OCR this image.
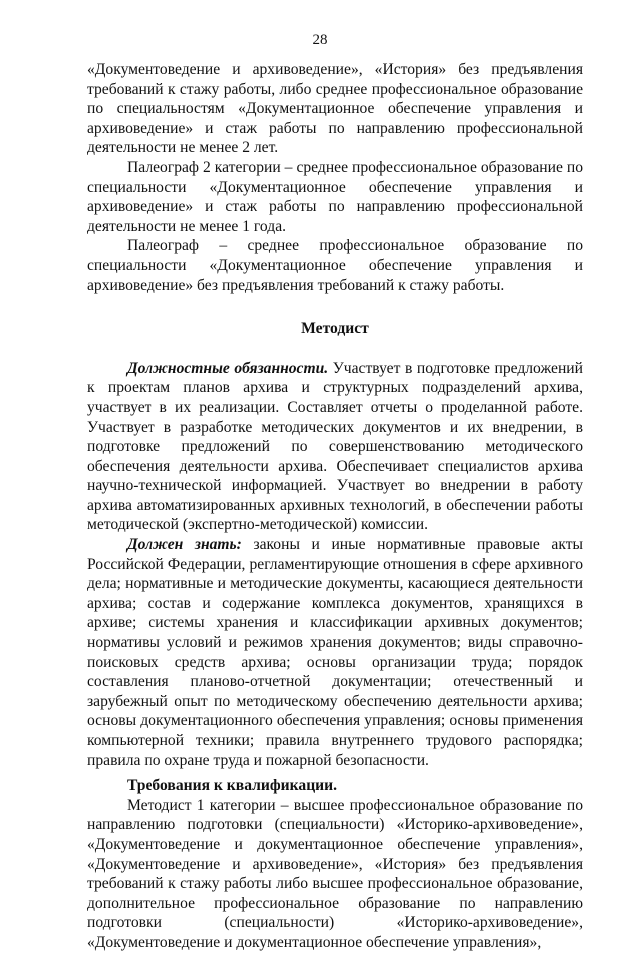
28

«Документоведение и архивоведение», «История» без предъявления требований к стажу работы, либо среднее профессиональное образование по специальностям «Документационное обеспечение управления и архивоведение» и стаж работы по направлению профессиональной деятельности не менее 2 лет.

Палеограф 2 категории – среднее профессиональное образование по специальности «Документационное обеспечение управления и архивоведение» и стаж работы по направлению профессиональной деятельности не менее 1 года.

Палеограф – среднее профессиональное образование по специальности «Документационное обеспечение управления и архивоведение» без предъявления требований к стажу работы.

Методист

Должностные обязанности. Участвует в подготовке предложений к проектам планов архива и структурных подразделений архива, участвует в их реализации. Составляет отчеты о проделанной работе. Участвует в разработке методических документов и их внедрении, в подготовке предложений по совершенствованию методического обеспечения деятельности архива. Обеспечивает специалистов архива научно-технической информацией. Участвует во внедрении в работу архива автоматизированных архивных технологий, в обеспечении работы методической (экспертно-методической) комиссии.

Должен знать: законы и иные нормативные правовые акты Российской Федерации, регламентирующие отношения в сфере архивного дела; нормативные и методические документы, касающиеся деятельности архива; состав и содержание комплекса документов, хранящихся в архиве; системы хранения и классификации архивных документов; нормативы условий и режимов хранения документов; виды справочно-поисковых средств архива; основы организации труда; порядок составления планово-отчетной документации; отечественный и зарубежный опыт по методическому обеспечению деятельности архива; основы документационного обеспечения управления; основы применения компьютерной техники; правила внутреннего трудового распорядка; правила по охране труда и пожарной безопасности.

Требования к квалификации.

Методист 1 категории – высшее профессиональное образование по направлению подготовки (специальности) «Историко-архивоведение», «Документоведение и документационное обеспечение управления», «Документоведение и архивоведение», «История» без предъявления требований к стажу работы либо высшее профессиональное образование, дополнительное профессиональное образование по направлению подготовки (специальности) «Историко-архивоведение», «Документоведение и документационное обеспечение управления»,
